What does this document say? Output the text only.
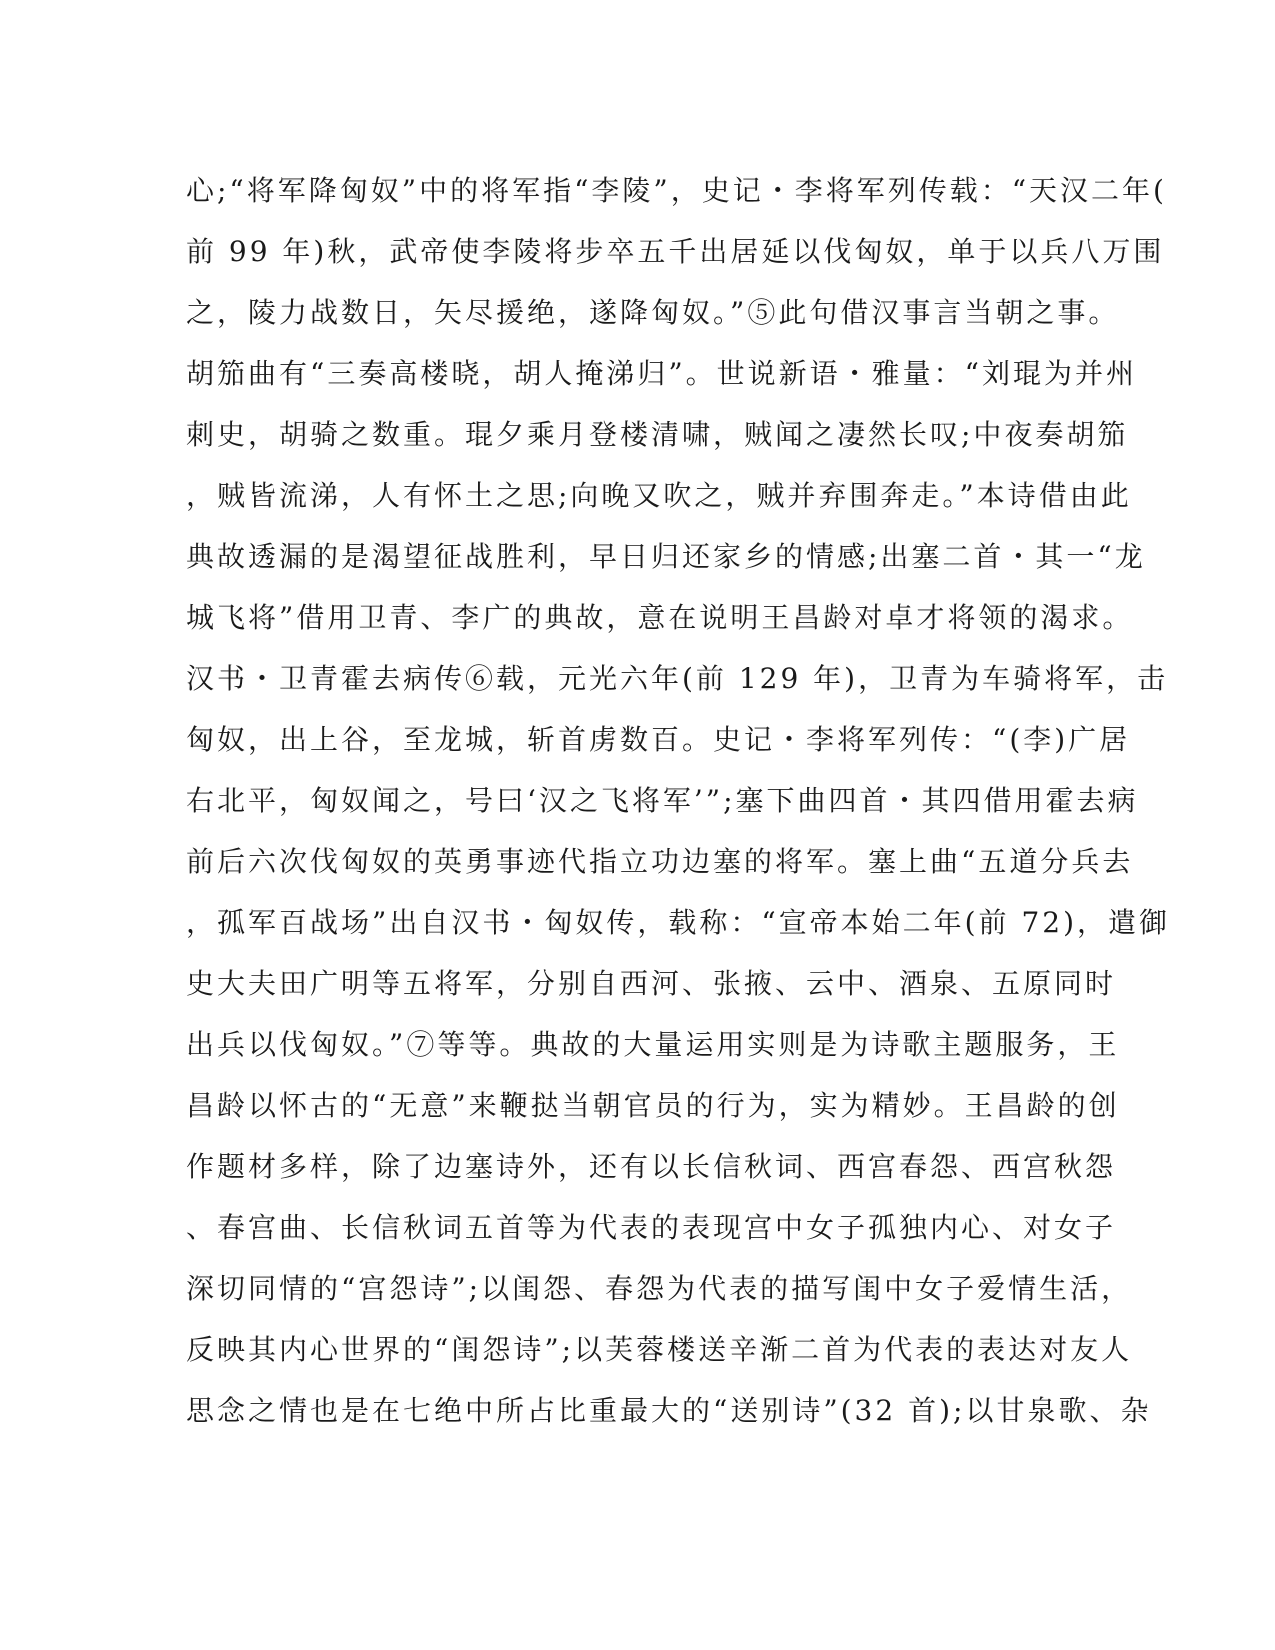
心;“将军降匈奴”中的将军指“李陵”，史记・李将军列传载：“天汉二年(
前 99 年)秋，武帝使李陵将步卒五千出居延以伐匈奴，单于以兵八万围
之，陵力战数日，矢尽援绝，遂降匈奴。”⑤此句借汉事言当朝之事。
胡笳曲有“三奏高楼晓，胡人掩涕归”。世说新语・雅量：“刘琨为并州
刺史，胡骑之数重。琨夕乘月登楼清啸，贼闻之凄然长叹;中夜奏胡笳
，贼皆流涕，人有怀土之思;向晚又吹之，贼并弃围奔走。”本诗借由此
典故透漏的是渴望征战胜利，早日归还家乡的情感;出塞二首・其一“龙
城飞将”借用卫青、李广的典故，意在说明王昌龄对卓才将领的渴求。
汉书・卫青霍去病传⑥载，元光六年(前 129 年)，卫青为车骑将军，击
匈奴，出上谷，至龙城，斩首虏数百。史记・李将军列传：“(李)广居
右北平，匈奴闻之，号曰‘汉之飞将军’”;塞下曲四首・其四借用霍去病
前后六次伐匈奴的英勇事迹代指立功边塞的将军。塞上曲“五道分兵去
，孤军百战场”出自汉书・匈奴传，载称：“宣帝本始二年(前 72)，遣御
史大夫田广明等五将军，分别自西河、张掖、云中、酒泉、五原同时
出兵以伐匈奴。”⑦等等。典故的大量运用实则是为诗歌主题服务，王
昌龄以怀古的“无意”来鞭挞当朝官员的行为，实为精妙。王昌龄的创
作题材多样，除了边塞诗外，还有以长信秋词、西宫春怨、西宫秋怨
、春宫曲、长信秋词五首等为代表的表现宫中女子孤独内心、对女子
深切同情的“宫怨诗”;以闺怨、春怨为代表的描写闺中女子爱情生活，
反映其内心世界的“闺怨诗”;以芙蓉楼送辛渐二首为代表的表达对友人
思念之情也是在七绝中所占比重最大的“送别诗”(32 首);以甘泉歌、杂
